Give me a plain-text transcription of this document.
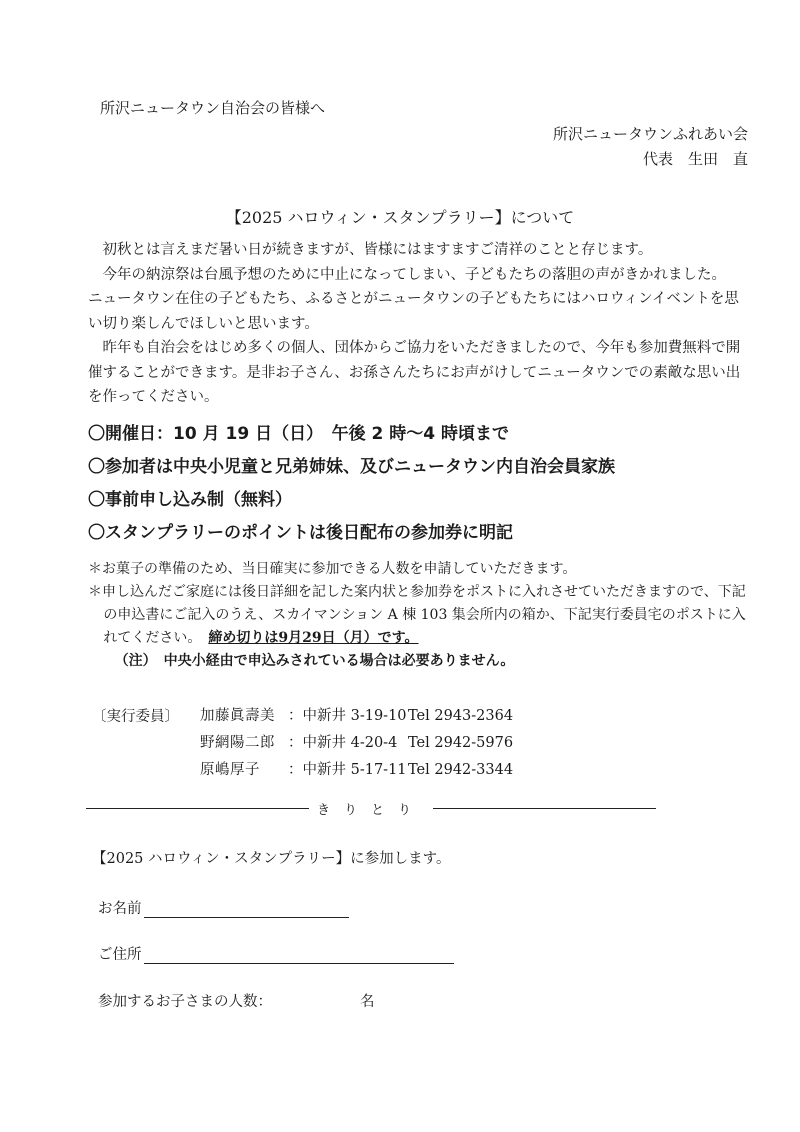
所沢ニュータウン自治会の皆様へ
所沢ニュータウンふれあい会
代表　生田　直
【2025 ハロウィン・スタンプラリー】について

初秋とは言えまだ暑い日が続きますが、皆様にはますますご清祥のことと存じます。

今年の納涼祭は台風予想のために中止になってしまい、子どもたちの落胆の声がきかれました。

ニュータウン在住の子どもたち、ふるさとがニュータウンの子どもたちにはハロウィンイベントを思い切り楽しんでほしいと思います。

昨年も自治会をはじめ多くの個人、団体からご協力をいただきましたので、今年も参加費無料で開催することができます。是非お子さん、お孫さんたちにお声がけしてニュータウンでの素敵な思い出を作ってください。

〇開催日：10 月 19 日（日）　午後 2 時～4 時頃まで
〇参加者は中央小児童と兄弟姉妹、及びニュータウン内自治会員家族
〇事前申し込み制（無料）
〇スタンプラリーのポイントは後日配布の参加券に明記
＊お菓子の準備のため、当日確実に参加できる人数を申請していただきます。
＊申し込んだご家庭には後日詳細を記した案内状と参加券をポストに入れさせていただきますので、下記の申込書にご記入のうえ、スカイマンション A 棟 103 集会所内の箱か、下記実行委員宅のポストに入れてください。　 締め切りは9月29日（月）です。
（注）　中央小経由で申込みされている場合は必要ありません。
〔実行委員〕 加藤眞壽美 ：中新井 3-19-10Tel 2943-2364
野網陽二郎 ：中新井 4-20-4 Tel 2942-5976
原嶋厚子 ：中新井 5-17-11Tel 2942-3344
きりとり
【2025 ハロウィン・スタンプラリー】に参加します。
お名前
ご住所
参加するお子さまの人数：	名
